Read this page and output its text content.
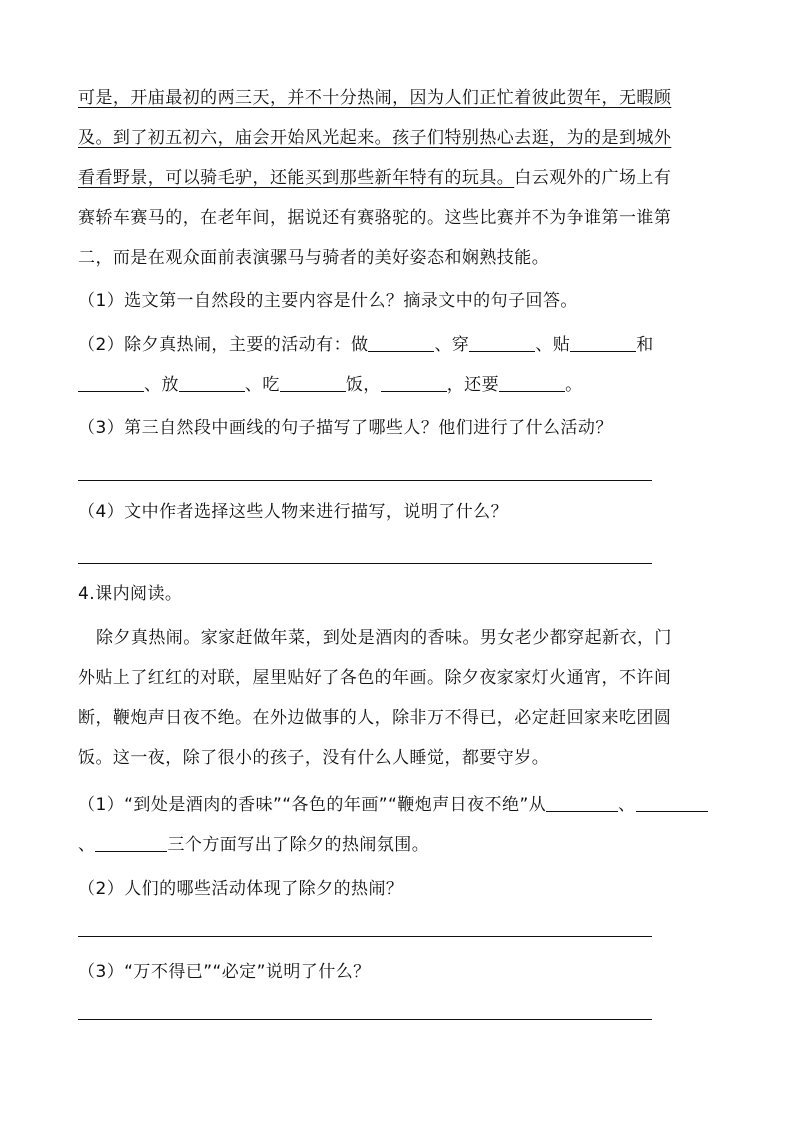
可是，开庙最初的两三天，并不十分热闹，因为人们正忙着彼此贺年，无暇顾
及。到了初五初六，庙会开始风光起来。孩子们特别热心去逛，为的是到城外
看看野景，可以骑毛驴，还能买到那些新年特有的玩具。白云观外的广场上有
赛轿车赛马的，在老年间，据说还有赛骆驼的。这些比赛并不为争谁第一谁第
二，而是在观众面前表演骡马与骑者的美好姿态和娴熟技能。
（1）选文第一自然段的主要内容是什么？摘录文中的句子回答。
（2）除夕真热闹，主要的活动有：做	、穿	、贴	和
、放	、吃	饭，	，还要	。
（3）第三自然段中画线的句子描写了哪些人？他们进行了什么活动？
（4）文中作者选择这些人物来进行描写，说明了什么？
4.课内阅读。
除夕真热闹。家家赶做年菜，到处是酒肉的香味。男女老少都穿起新衣，门
外贴上了红红的对联，屋里贴好了各色的年画。除夕夜家家灯火通宵，不许间
断，鞭炮声日夜不绝。在外边做事的人，除非万不得已，必定赶回家来吃团圆
饭。这一夜，除了很小的孩子，没有什么人睡觉，都要守岁。
（1）“到处是酒肉的香味”“各色的年画”“鞭炮声日夜不绝”从	、
、	三个方面写出了除夕的热闹氛围。
（2）人们的哪些活动体现了除夕的热闹？
（3）“万不得已”“必定”说明了什么？
